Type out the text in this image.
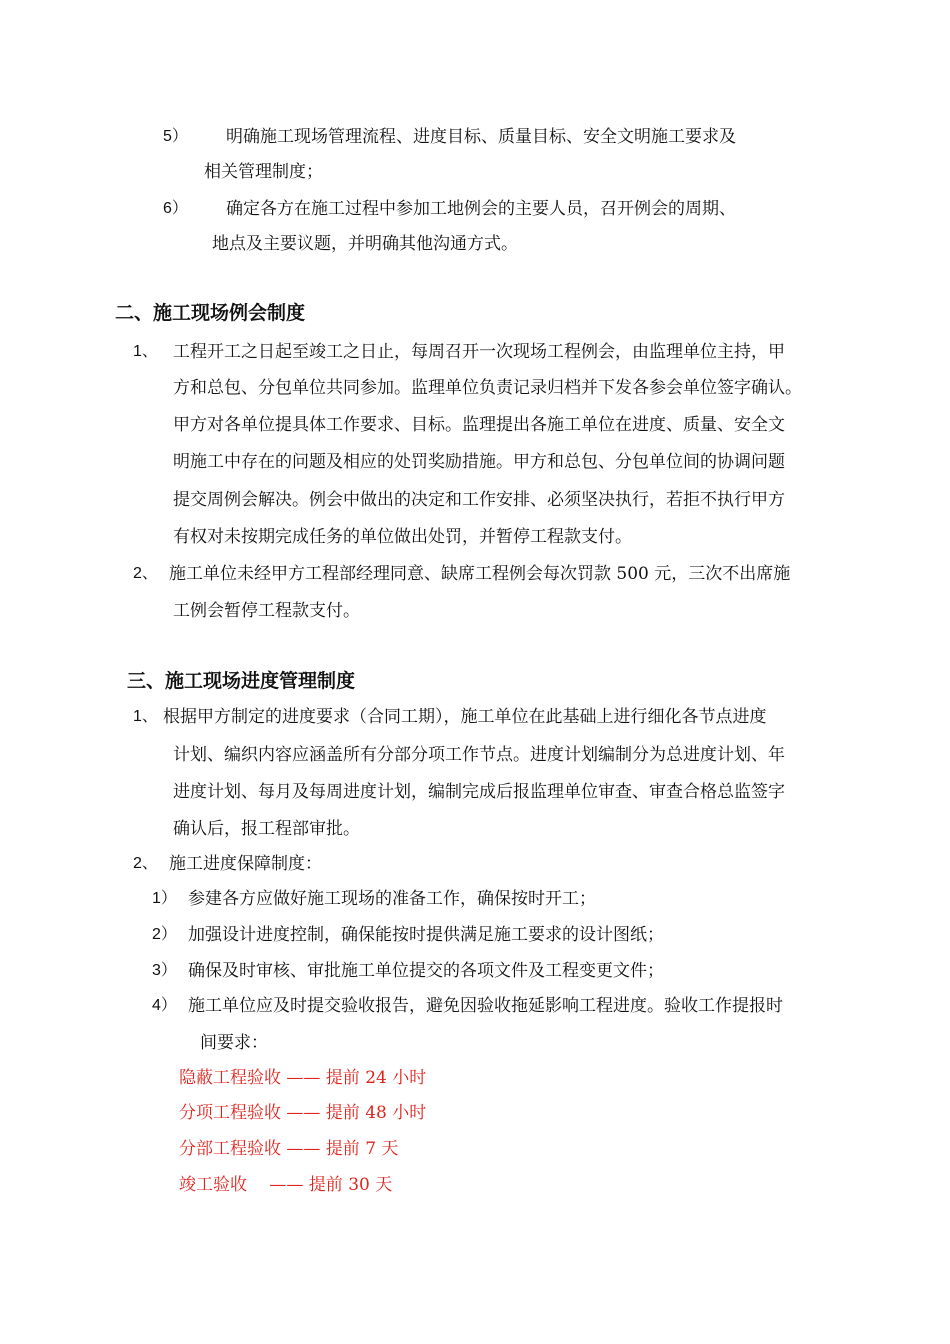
5） 明确施工现场管理流程、进度目标、质量目标、安全文明施工要求及
相关管理制度；
6） 确定各方在施工过程中参加工地例会的主要人员，召开例会的周期、
地点及主要议题，并明确其他沟通方式。
二、施工现场例会制度
1、 工程开工之日起至竣工之日止，每周召开一次现场工程例会，由监理单位主持，甲
方和总包、分包单位共同参加。监理单位负责记录归档并下发各参会单位签字确认。
甲方对各单位提具体工作要求、目标。监理提出各施工单位在进度、质量、安全文
明施工中存在的问题及相应的处罚奖励措施。甲方和总包、分包单位间的协调问题
提交周例会解决。例会中做出的决定和工作安排、必须坚决执行，若拒不执行甲方
有权对未按期完成任务的单位做出处罚，并暂停工程款支付。
2、 施工单位未经甲方工程部经理同意、缺席工程例会每次罚款 500 元，三次不出席施
工例会暂停工程款支付。
三、施工现场进度管理制度
1、 根据甲方制定的进度要求（合同工期），施工单位在此基础上进行细化各节点进度
计划、编织内容应涵盖所有分部分项工作节点。进度计划编制分为总进度计划、年
进度计划、每月及每周进度计划，编制完成后报监理单位审查、审查合格总监签字
确认后，报工程部审批。
2、 施工进度保障制度：
1） 参建各方应做好施工现场的准备工作，确保按时开工；
2） 加强设计进度控制，确保能按时提供满足施工要求的设计图纸；
3） 确保及时审核、审批施工单位提交的各项文件及工程变更文件；
4） 施工单位应及时提交验收报告，避免因验收拖延影响工程进度。验收工作提报时
间要求：
隐蔽工程验收 —— 提前 24 小时
分项工程验收 —— 提前 48 小时
分部工程验收 —— 提前 7 天
竣工验收　 —— 提前 30 天
